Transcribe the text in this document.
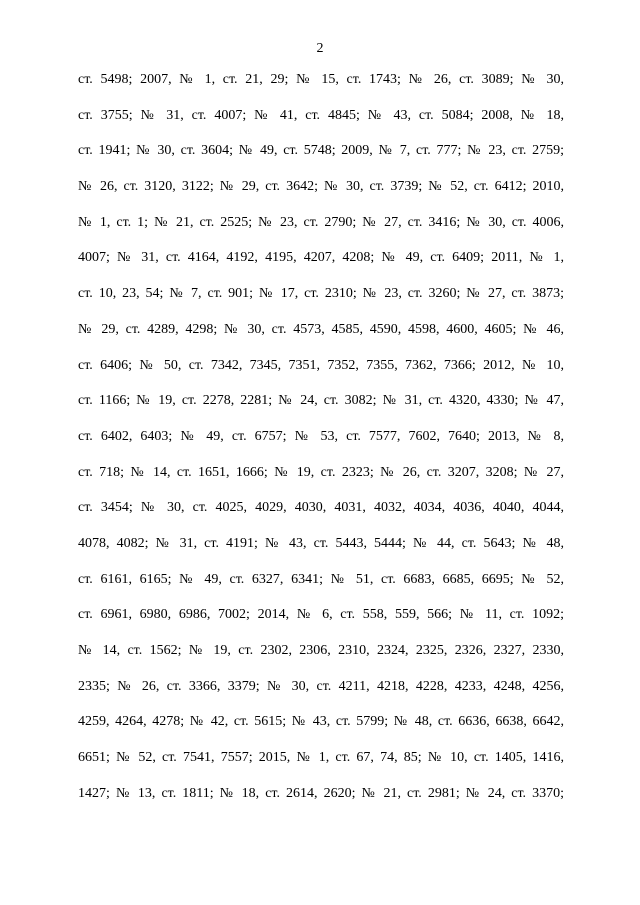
2
ст. 5498; 2007, № 1, ст. 21, 29; № 15, ст. 1743; № 26, ст. 3089; № 30,
ст. 3755; № 31, ст. 4007; № 41, ст. 4845; № 43, ст. 5084; 2008, № 18,
ст. 1941; № 30, ст. 3604; № 49, ст. 5748; 2009, № 7, ст. 777; № 23, ст. 2759;
№ 26, ст. 3120, 3122; № 29, ст. 3642; № 30, ст. 3739; № 52, ст. 6412; 2010,
№ 1, ст. 1; № 21, ст. 2525; № 23, ст. 2790; № 27, ст. 3416; № 30, ст. 4006,
4007; № 31, ст. 4164, 4192, 4195, 4207, 4208; № 49, ст. 6409; 2011, № 1,
ст. 10, 23, 54; № 7, ст. 901; № 17, ст. 2310; № 23, ст. 3260; № 27, ст. 3873;
№ 29, ст. 4289, 4298; № 30, ст. 4573, 4585, 4590, 4598, 4600, 4605; № 46,
ст. 6406; № 50, ст. 7342, 7345, 7351, 7352, 7355, 7362, 7366; 2012, № 10,
ст. 1166; № 19, ст. 2278, 2281; № 24, ст. 3082; № 31, ст. 4320, 4330; № 47,
ст. 6402, 6403; № 49, ст. 6757; № 53, ст. 7577, 7602, 7640; 2013, № 8,
ст. 718; № 14, ст. 1651, 1666; № 19, ст. 2323; № 26, ст. 3207, 3208; № 27,
ст. 3454; № 30, ст. 4025, 4029, 4030, 4031, 4032, 4034, 4036, 4040, 4044,
4078, 4082; № 31, ст. 4191; № 43, ст. 5443, 5444; № 44, ст. 5643; № 48,
ст. 6161, 6165; № 49, ст. 6327, 6341; № 51, ст. 6683, 6685, 6695; № 52,
ст. 6961, 6980, 6986, 7002; 2014, № 6, ст. 558, 559, 566; № 11, ст. 1092;
№ 14, ст. 1562; № 19, ст. 2302, 2306, 2310, 2324, 2325, 2326, 2327, 2330,
2335; № 26, ст. 3366, 3379; № 30, ст. 4211, 4218, 4228, 4233, 4248, 4256,
4259, 4264, 4278; № 42, ст. 5615; № 43, ст. 5799; № 48, ст. 6636, 6638, 6642,
6651; № 52, ст. 7541, 7557; 2015, № 1, ст. 67, 74, 85; № 10, ст. 1405, 1416,
1427; № 13, ст. 1811; № 18, ст. 2614, 2620; № 21, ст. 2981; № 24, ст. 3370;
